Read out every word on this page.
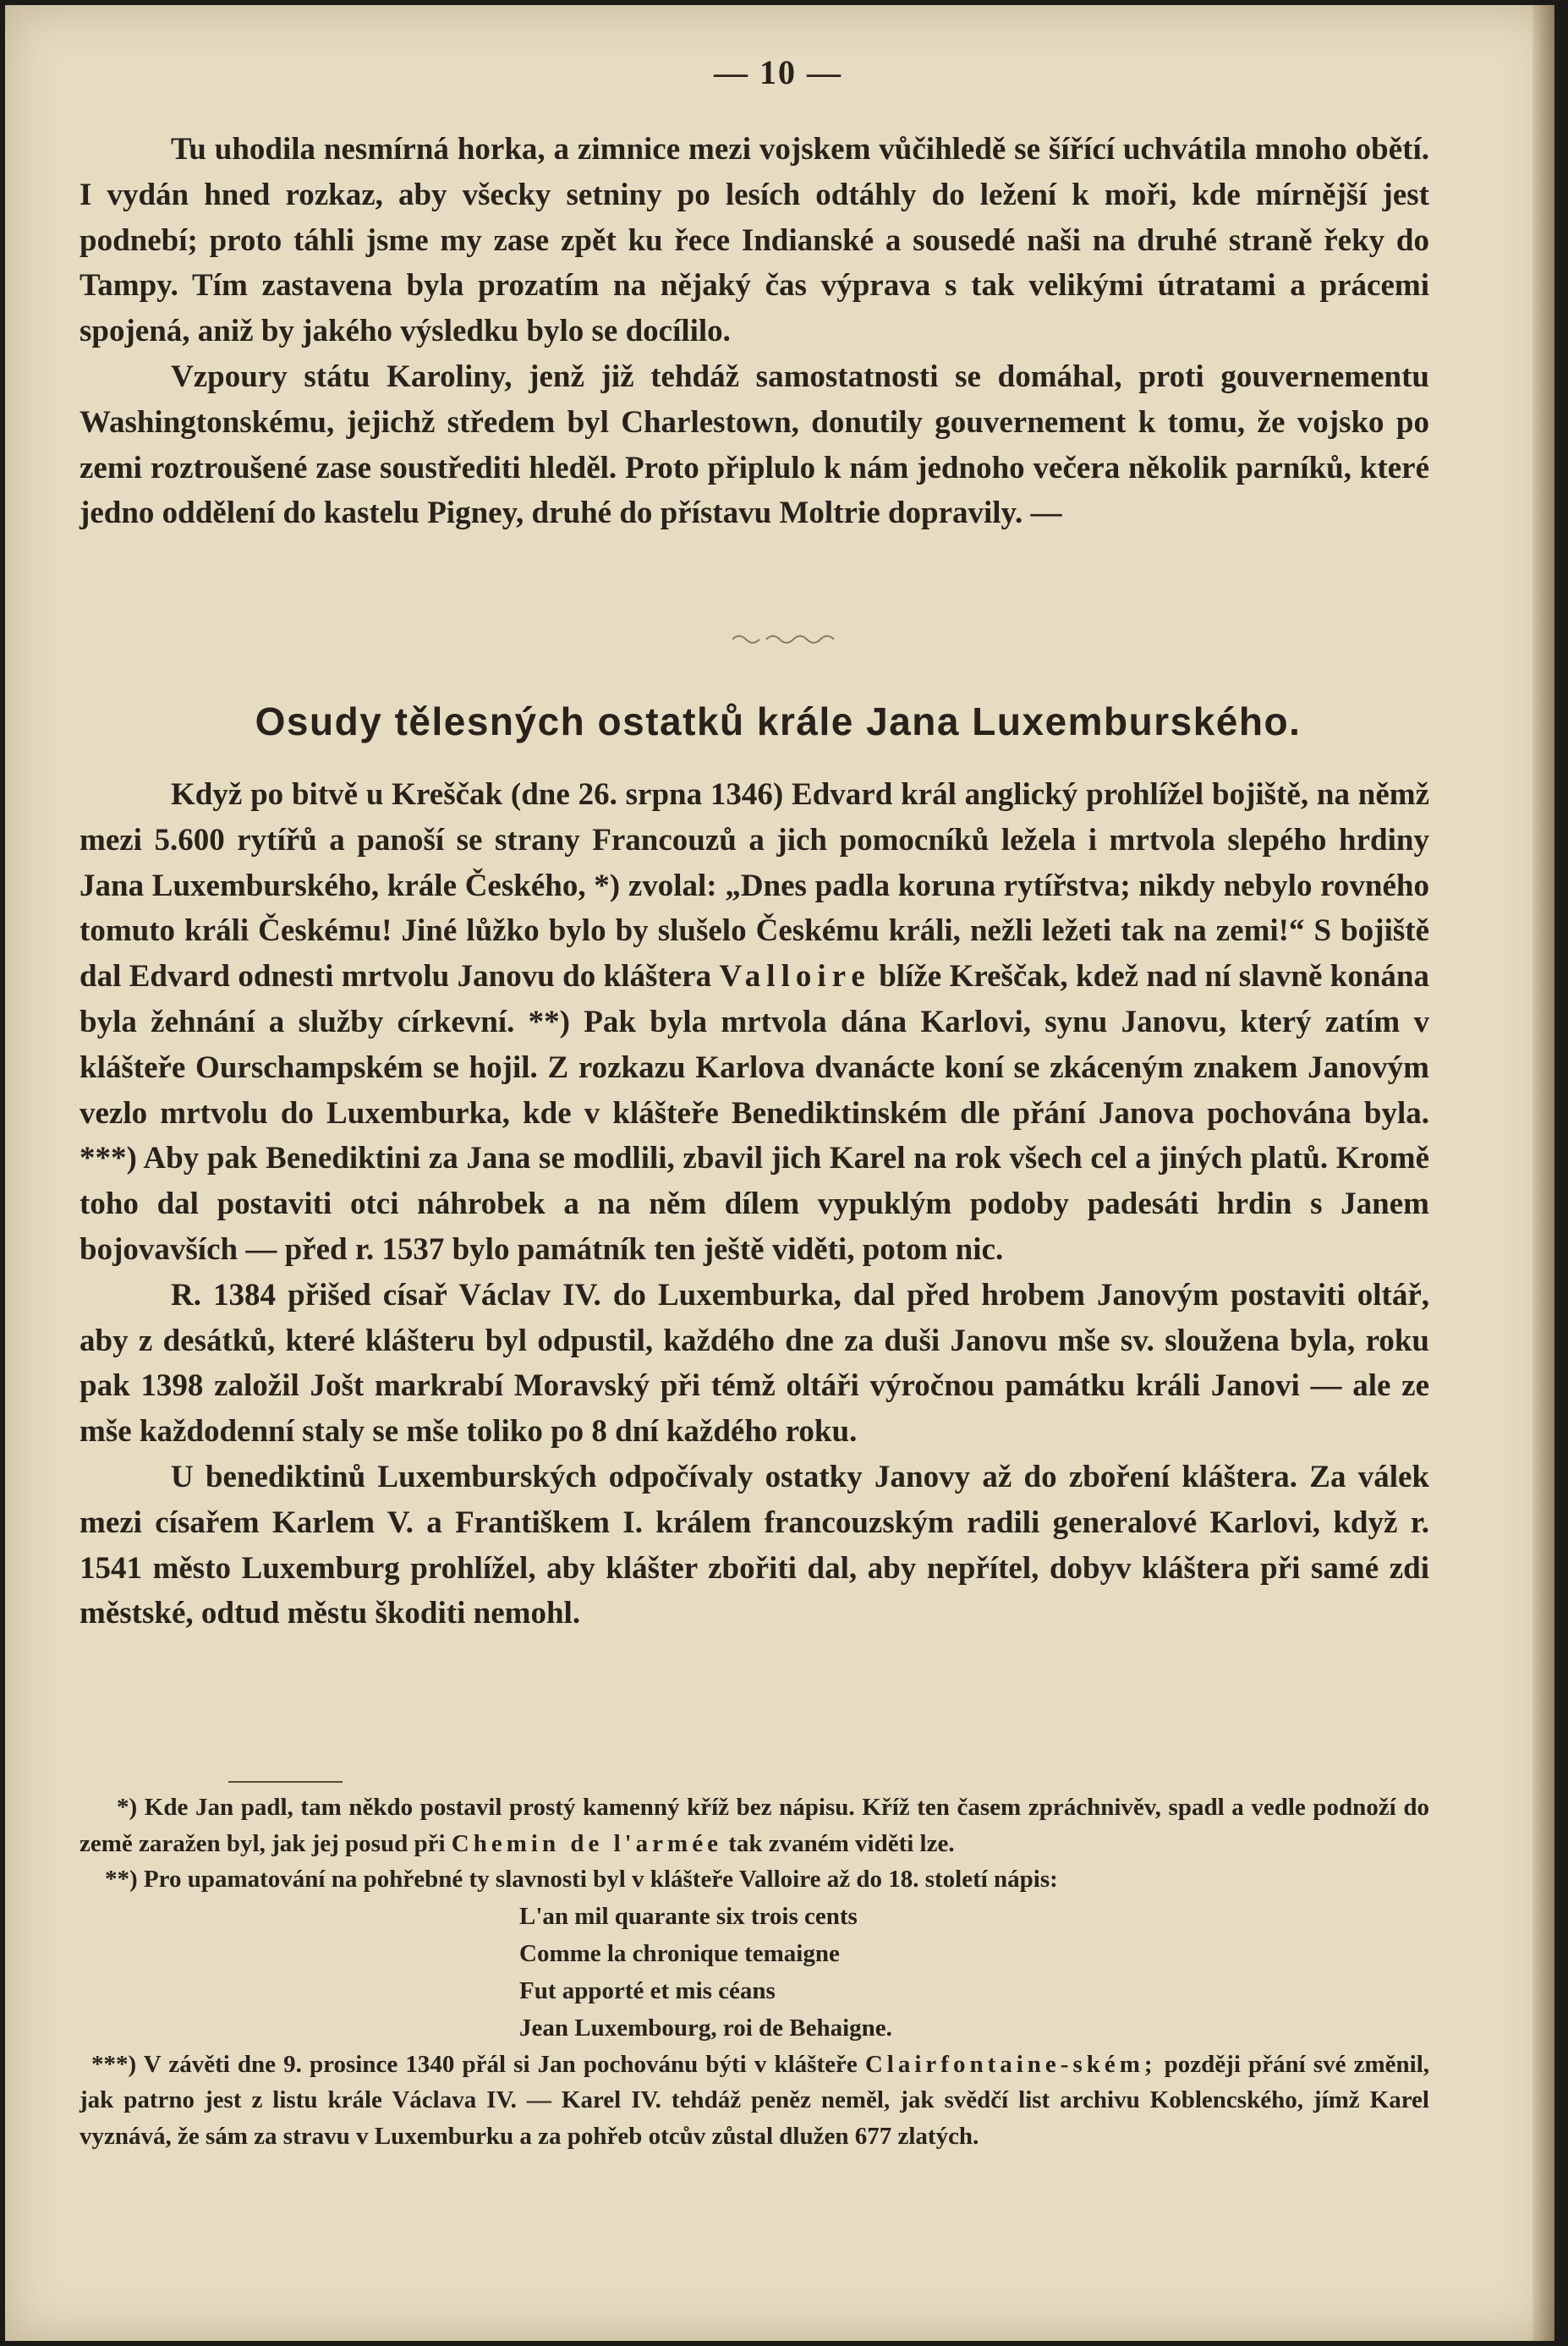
— 10 —

Tu uhodila nesmírná horka, a zimnice mezi vojskem vůčihledě se šířící uchvátila mnoho obětí. I vydán hned rozkaz, aby všecky setniny po lesích odtáhly do ležení k moři, kde mírnější jest podnebí; proto táhli jsme my zase zpět ku řece Indianské a sousedé naši na druhé straně řeky do Tampy. Tím zastavena byla prozatím na nějaký čas výprava s tak velikými útratami a prácemi spojená, aniž by jakého výsledku bylo se docílilo.

Vzpoury státu Karoliny, jenž již tehdáž samostatnosti se domáhal, proti gouvernementu Washingtonskému, jejichž středem byl Charlestown, donutily gouvernement k tomu, že vojsko po zemi roztroušené zase soustřediti hleděl. Proto připlulo k nám jednoho večera několik parníků, které jedno oddělení do kastelu Pigney, druhé do přístavu Moltrie dopravily. —

Osudy tělesných ostatků krále Jana Luxemburského.

Když po bitvě u Kreščak (dne 26. srpna 1346) Edvard král anglický prohlížel bojiště, na němž mezi 5.600 rytířů a panoší se strany Francouzů a jich pomocníků ležela i mrtvola slepého hrdiny Jana Luxemburského, krále Českého, *) zvolal: „Dnes padla koruna rytířstva; nikdy nebylo rovného tomuto králi Českému! Jiné lůžko bylo by slušelo Českému králi, nežli ležeti tak na zemi!“ S bojiště dal Edvard odnesti mrtvolu Janovu do kláštera Valloire blíže Kreščak, kdež nad ní slavně konána byla žehnání a služby církevní. **) Pak byla mrtvola dána Karlovi, synu Janovu, který zatím v klášteře Ourschampském se hojil. Z rozkazu Karlova dvanácte koní se zkáceným znakem Janovým vezlo mrtvolu do Luxemburka, kde v klášteře Benediktinském dle přání Janova pochována byla. ***) Aby pak Benediktini za Jana se modlili, zbavil jich Karel na rok všech cel a jiných platů. Kromě toho dal postaviti otci náhrobek a na něm dílem vypuklým podoby padesáti hrdin s Janem bojovavších — před r. 1537 bylo památník ten ještě viděti, potom nic.

R. 1384 přišed císař Václav IV. do Luxemburka, dal před hrobem Janovým postaviti oltář, aby z desátků, které klášteru byl odpustil, každého dne za duši Janovu mše sv. sloužena byla, roku pak 1398 založil Jošt markrabí Moravský při témž oltáři výročnou památku králi Janovi — ale ze mše každodenní staly se mše toliko po 8 dní každého roku.

U benediktinů Luxemburských odpočívaly ostatky Janovy až do zboření kláštera. Za válek mezi císařem Karlem V. a Františkem I. králem francouzským radili generalové Karlovi, když r. 1541 město Luxemburg prohlížel, aby klášter zbořiti dal, aby nepřítel, dobyv kláštera při samé zdi městské, odtud městu škoditi nemohl.

*) Kde Jan padl, tam někdo postavil prostý kamenný kříž bez nápisu. Kříž ten časem zpráchnivěv, spadl a vedle podnoží do země zaražen byl, jak jej posud při Chemin de l'armée tak zvaném viděti lze.
**) Pro upamatování na pohřebné ty slavnosti byl v klášteře Valloire až do 18. století nápis:
L'an mil quarante six trois cents
Comme la chronique temaigne
Fut apporté et mis céans
Jean Luxembourg, roi de Behaigne.
***) V závěti dne 9. prosince 1340 přál si Jan pochovánu býti v klášteře Clairfontaine-ském; později přání své změnil, jak patrno jest z listu krále Václava IV. — Karel IV. tehdáž peněz neměl, jak svědčí list archivu Koblencského, jímž Karel vyznává, že sám za stravu v Luxemburku a za pohřeb otcův zůstal dlužen 677 zlatých.
